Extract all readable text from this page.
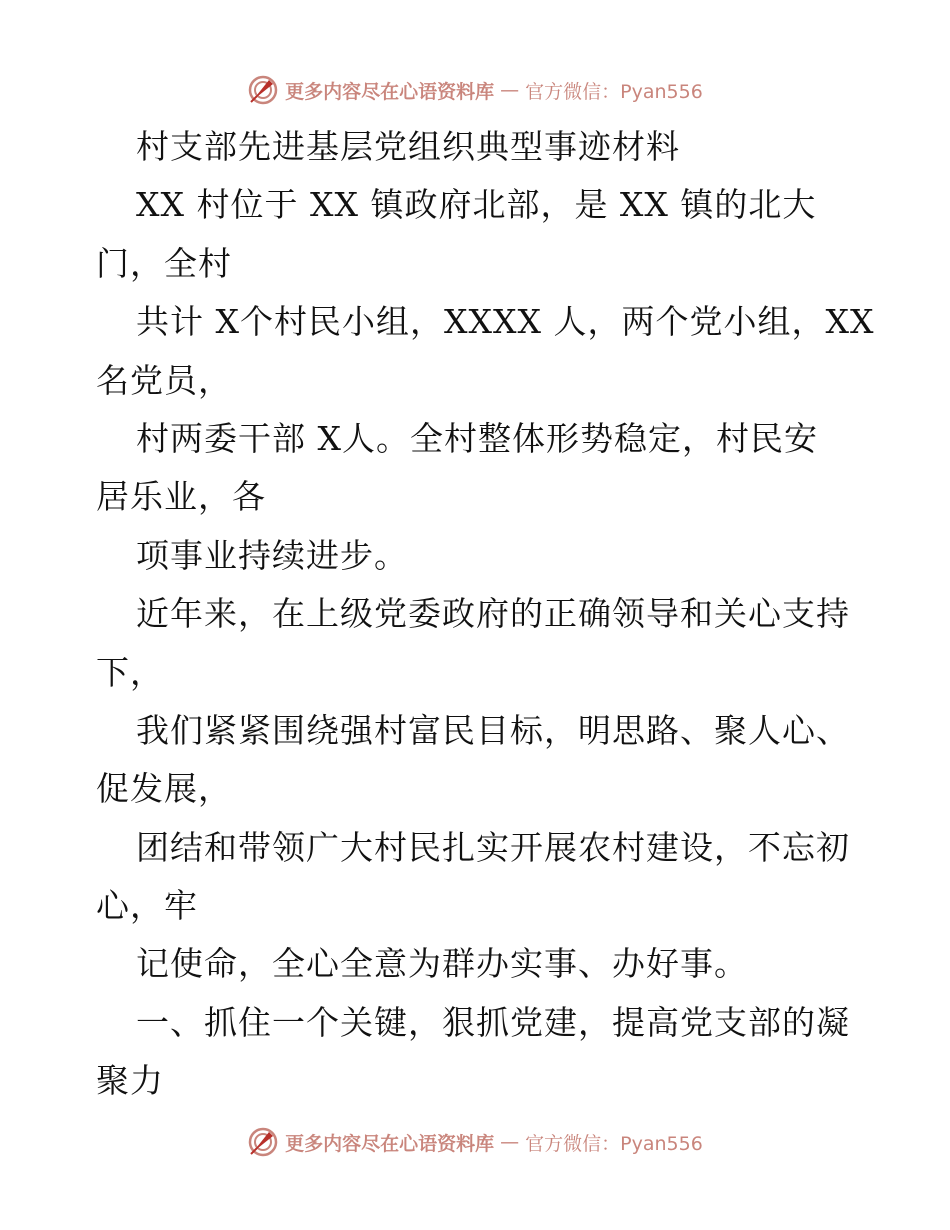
更多内容尽在心语资料库 — 官方微信：Pyan556
村支部先进基层党组织典型事迹材料
XX 村位于 XX 镇政府北部，是 XX 镇的北大
门，全村
共计 X个村民小组，XXXX 人，两个党小组，XX
名党员，
村两委干部 X人。全村整体形势稳定，村民安
居乐业，各
项事业持续进步。
近年来，在上级党委政府的正确领导和关心支持
下，
我们紧紧围绕强村富民目标，明思路、聚人心、
促发展，
团结和带领广大村民扎实开展农村建设，不忘初
心，牢
记使命，全心全意为群办实事、办好事。
一、抓住一个关键，狠抓党建，提高党支部的凝
聚力
更多内容尽在心语资料库 — 官方微信：Pyan556
